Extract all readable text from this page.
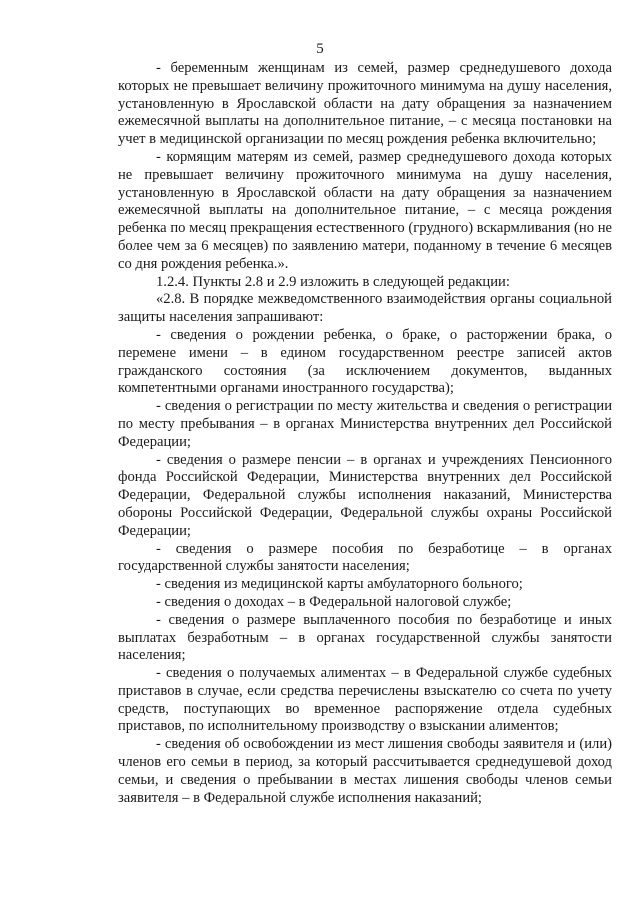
5

- беременным женщинам из семей, размер среднедушевого дохода которых не превышает величину прожиточного минимума на душу населения, установленную в Ярославской области на дату обращения за назначением ежемесячной выплаты на дополнительное питание, – с месяца постановки на учет в медицинской организации по месяц рождения ребенка включительно;

- кормящим матерям из семей, размер среднедушевого дохода которых не превышает величину прожиточного минимума на душу населения, установленную в Ярославской области на дату обращения за назначением ежемесячной выплаты на дополнительное питание, – с месяца рождения ребенка по месяц прекращения естественного (грудного) вскармливания (но не более чем за 6 месяцев) по заявлению матери, поданному в течение 6 месяцев со дня рождения ребенка.».

1.2.4. Пункты 2.8 и 2.9 изложить в следующей редакции:

«2.8. В порядке межведомственного взаимодействия органы социальной защиты населения запрашивают:

- сведения о рождении ребенка, о браке, о расторжении брака, о перемене имени – в едином государственном реестре записей актов гражданского состояния (за исключением документов, выданных компетентными органами иностранного государства);

- сведения о регистрации по месту жительства и сведения о регистрации по месту пребывания – в органах Министерства внутренних дел Российской Федерации;

- сведения о размере пенсии – в органах и учреждениях Пенсионного фонда Российской Федерации, Министерства внутренних дел Российской Федерации, Федеральной службы исполнения наказаний, Министерства обороны Российской Федерации, Федеральной службы охраны Российской Федерации;

- сведения о размере пособия по безработице – в органах государственной службы занятости населения;

- сведения из медицинской карты амбулаторного больного;

- сведения о доходах – в Федеральной налоговой службе;

- сведения о размере выплаченного пособия по безработице и иных выплатах безработным – в органах государственной службы занятости населения;

- сведения о получаемых алиментах – в Федеральной службе судебных приставов в случае, если средства перечислены взыскателю со счета по учету средств, поступающих во временное распоряжение отдела судебных приставов, по исполнительному производству о взыскании алиментов;

- сведения об освобождении из мест лишения свободы заявителя и (или) членов его семьи в период, за который рассчитывается среднедушевой доход семьи, и сведения о пребывании в местах лишения свободы членов семьи заявителя – в Федеральной службе исполнения наказаний;
